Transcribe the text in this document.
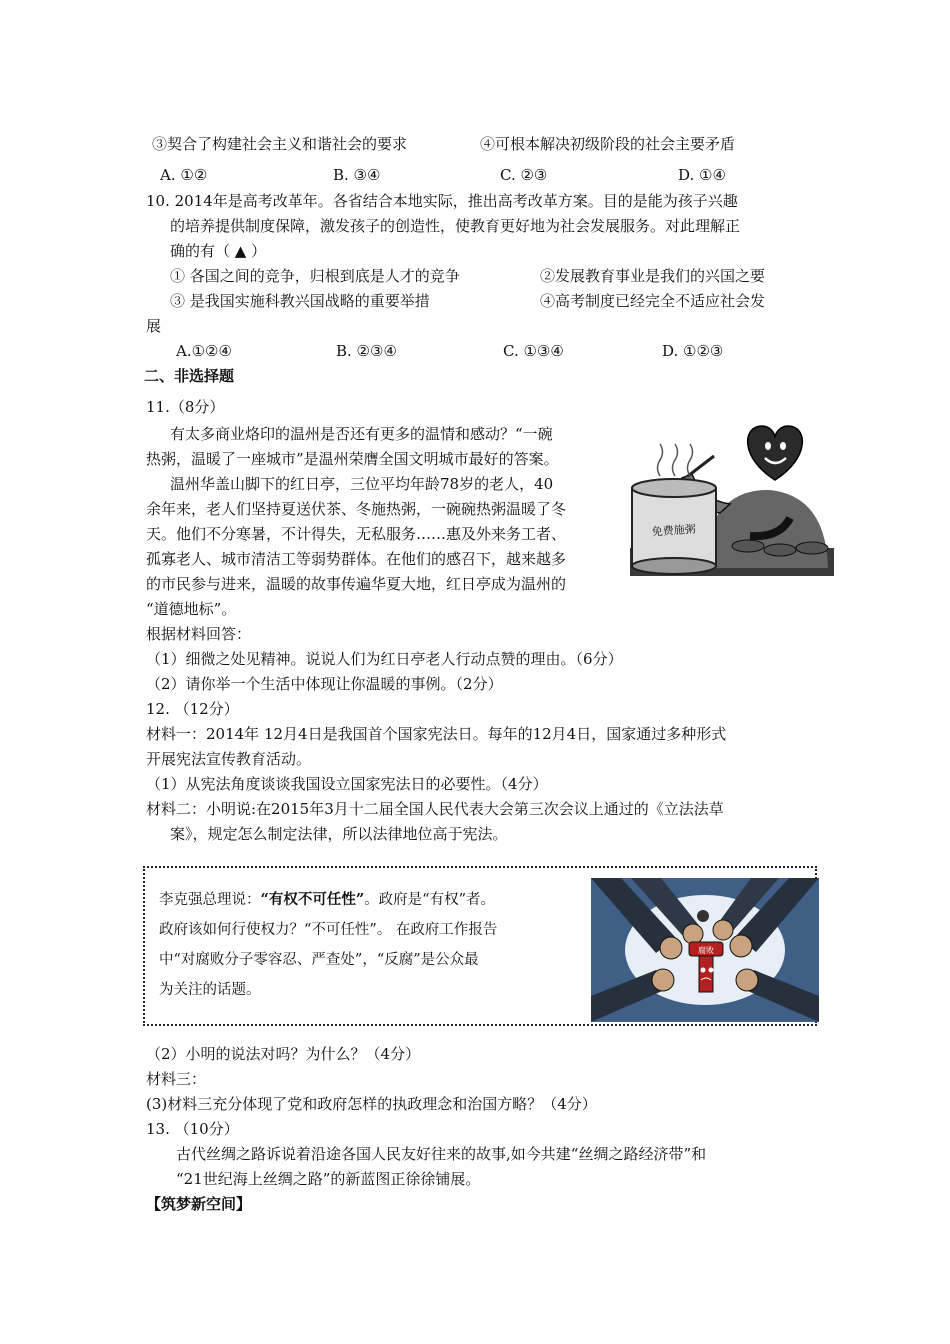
③契合了构建社会主义和谐社会的要求	④可根本解决初级阶段的社会主要矛盾
A. ①②	B. ③④	C. ②③	D. ①④
10. 2014年是高考改革年。各省结合本地实际，推出高考改革方案。目的是能为孩子兴趣
的培养提供制度保障，激发孩子的创造性，使教育更好地为社会发展服务。对此理解正
确的有（ ▲ ）
① 各国之间的竞争，归根到底是人才的竞争	②发展教育事业是我们的兴国之要
③ 是我国实施科教兴国战略的重要举措	④高考制度已经完全不适应社会发
展
A.①②④	B. ②③④	C. ①③④	D. ①②③
二、非选择题
11.（8分）
有太多商业烙印的温州是否还有更多的温情和感动？“一碗
热粥，温暖了一座城市”是温州荣膺全国文明城市最好的答案。
温州华盖山脚下的红日亭，三位平均年龄78岁的老人，40
余年来，老人们坚持夏送伏茶、冬施热粥，一碗碗热粥温暖了冬
天。他们不分寒暑，不计得失，无私服务……惠及外来务工者、
孤寡老人、城市清洁工等弱势群体。在他们的感召下，越来越多
的市民参与进来，温暖的故事传遍华夏大地，红日亭成为温州的
“道德地标”。
免费施粥
根据材料回答：
（1）细微之处见精神。说说人们为红日亭老人行动点赞的理由。（6分）
（2）请你举一个生活中体现让你温暖的事例。（2分）
12. （12分）
材料一：2014年 12月4日是我国首个国家宪法日。每年的12月4日，国家通过多种形式
开展宪法宣传教育活动。
（1）从宪法角度谈谈我国设立国家宪法日的必要性。（4分）
材料二：小明说:在2015年3月十二届全国人民代表大会第三次会议上通过的《立法法草
案》，规定怎么制定法律，所以法律地位高于宪法。
李克强总理说：“有权不可任性”。政府是“有权”者。
政府该如何行使权力？“不可任性”。 在政府工作报告
中“对腐败分子零容忍、严查处”，“反腐”是公众最
为关注的话题。
腐败
（2）小明的说法对吗？为什么？（4分）
材料三：
(3)材料三充分体现了党和政府怎样的执政理念和治国方略？（4分）
13. （10分）
古代丝绸之路诉说着沿途各国人民友好往来的故事,如今共建“丝绸之路经济带”和
“21世纪海上丝绸之路”的新蓝图正徐徐铺展。
【筑梦新空间】
